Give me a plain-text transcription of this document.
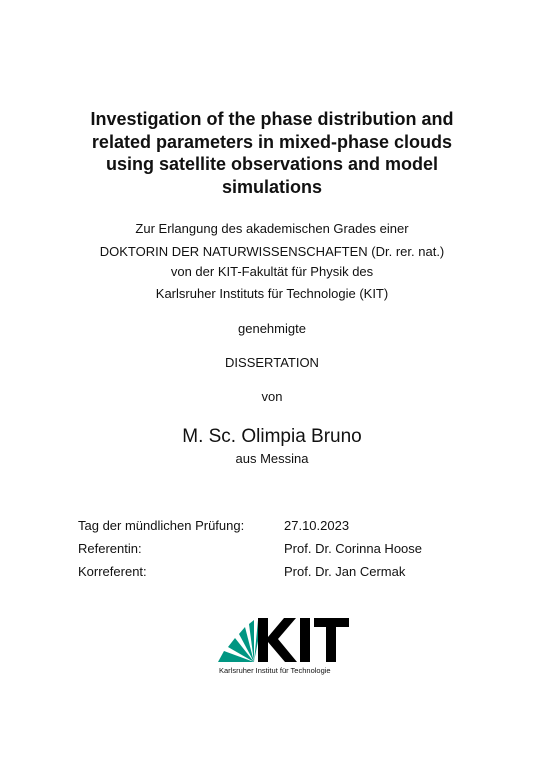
Investigation of the phase distribution and
related parameters in mixed-phase clouds
using satellite observations and model
simulations
Zur Erlangung des akademischen Grades einer
DOKTORIN DER NATURWISSENSCHAFTEN (Dr. rer. nat.)
von der KIT-Fakultät für Physik des
Karlsruher Instituts für Technologie (KIT)
genehmigte
DISSERTATION
von
M. Sc. Olimpia Bruno
aus Messina
Tag der mündlichen Prüfung:	27.10.2023
Referentin:	Prof. Dr. Corinna Hoose
Korreferent:	Prof. Dr. Jan Cermak
Karlsruher Institut für Technologie
